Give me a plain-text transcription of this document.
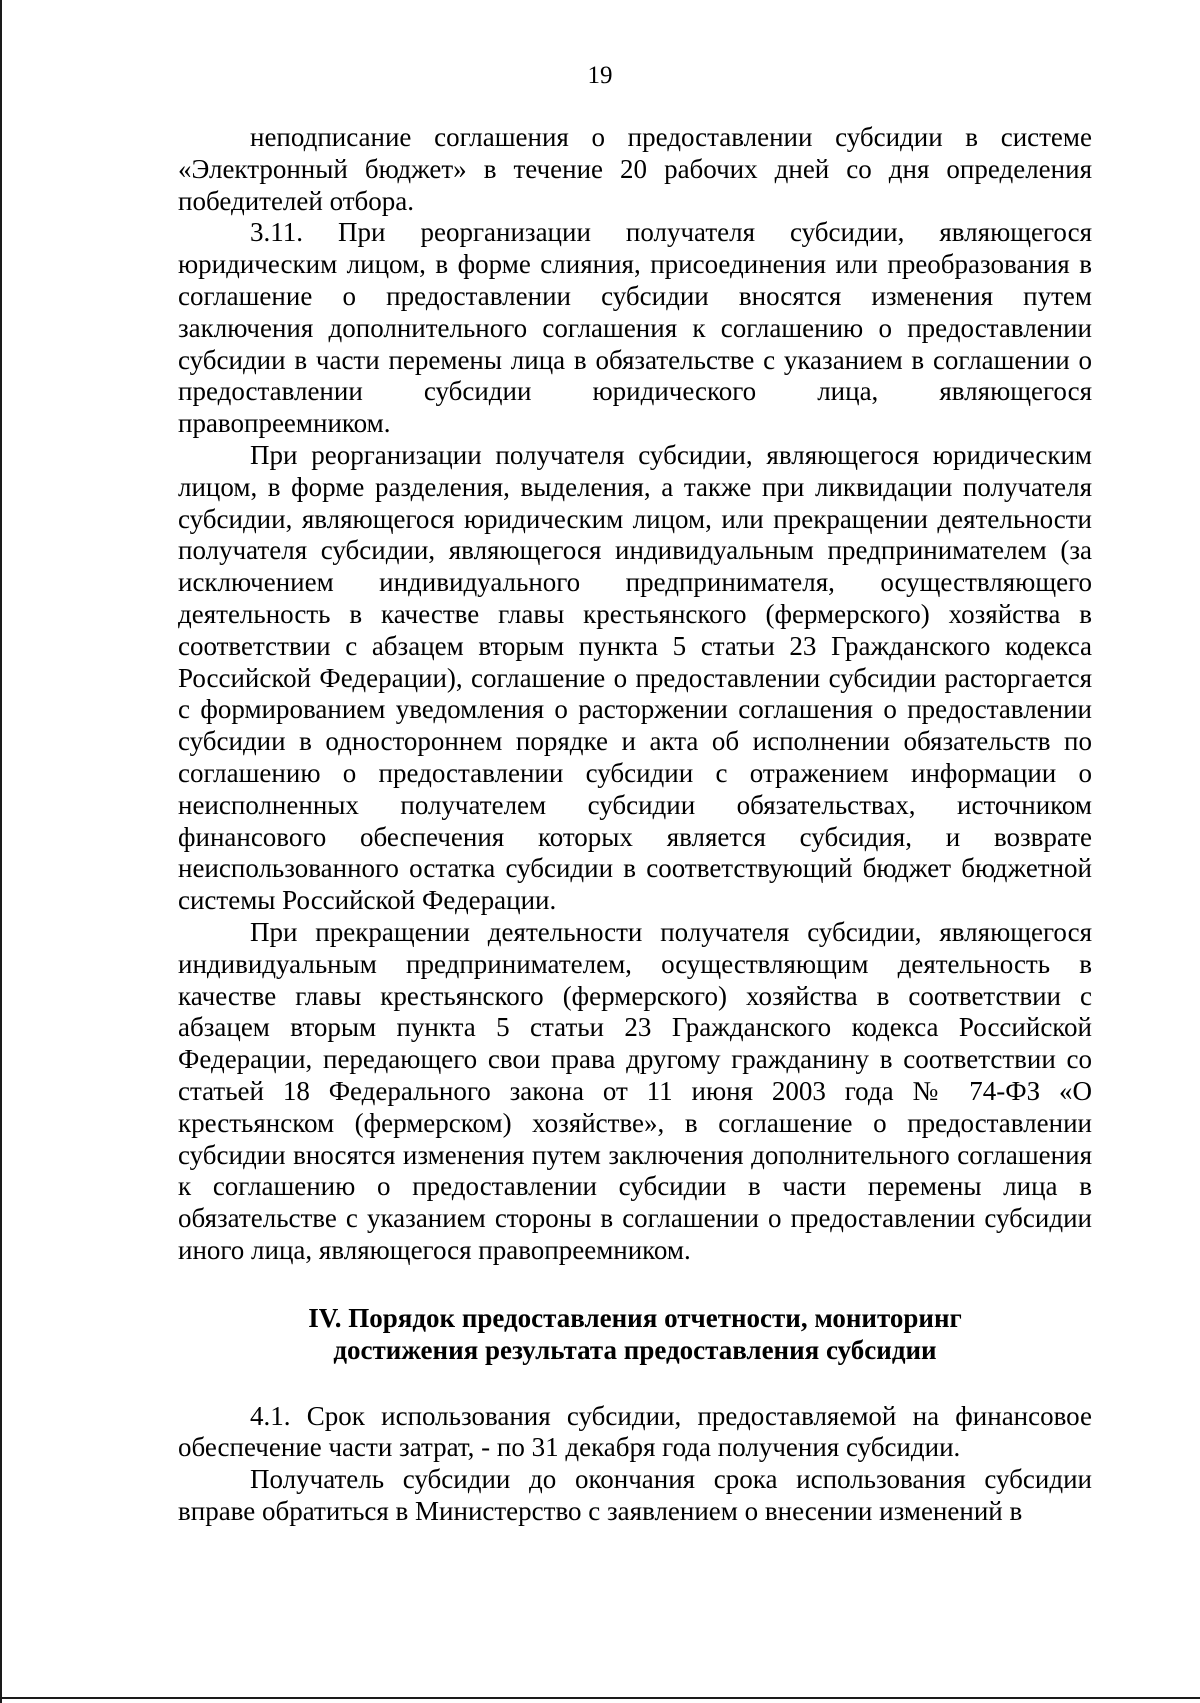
19

неподписание соглашения о предоставлении субсидии в системе «Электронный бюджет» в течение 20 рабочих дней со дня определения победителей отбора.

3.11. При реорганизации получателя субсидии, являющегося юридическим лицом, в форме слияния, присоединения или преобразования в соглашение о предоставлении субсидии вносятся изменения путем заключения дополнительного соглашения к соглашению о предоставлении субсидии в части перемены лица в обязательстве с указанием в соглашении о предоставлении субсидии юридического лица, являющегося правопреемником.

При реорганизации получателя субсидии, являющегося юридическим лицом, в форме разделения, выделения, а также при ликвидации получателя субсидии, являющегося юридическим лицом, или прекращении деятельности получателя субсидии, являющегося индивидуальным предпринимателем (за исключением индивидуального предпринимателя, осуществляющего деятельность в качестве главы крестьянского (фермерского) хозяйства в соответствии с абзацем вторым пункта 5 статьи 23 Гражданского кодекса Российской Федерации), соглашение о предоставлении субсидии расторгается с формированием уведомления о расторжении соглашения о предоставлении субсидии в одностороннем порядке и акта об исполнении обязательств по соглашению о предоставлении субсидии с отражением информации о неисполненных получателем субсидии обязательствах, источником финансового обеспечения которых является субсидия, и возврате неиспользованного остатка субсидии в соответствующий бюджет бюджетной системы Российской Федерации.

При прекращении деятельности получателя субсидии, являющегося индивидуальным предпринимателем, осуществляющим деятельность в качестве главы крестьянского (фермерского) хозяйства в соответствии с абзацем вторым пункта 5 статьи 23 Гражданского кодекса Российской Федерации, передающего свои права другому гражданину в соответствии со статьей 18 Федерального закона от 11 июня 2003 года № 74-ФЗ «О крестьянском (фермерском) хозяйстве», в соглашение о предоставлении субсидии вносятся изменения путем заключения дополнительного соглашения к соглашению о предоставлении субсидии в части перемены лица в обязательстве с указанием стороны в соглашении о предоставлении субсидии иного лица, являющегося правопреемником.

IV. Порядок предоставления отчетности, мониторинг
достижения результата предоставления субсидии

4.1. Срок использования субсидии, предоставляемой на финансовое обеспечение части затрат, - по 31 декабря года получения субсидии.

Получатель субсидии до окончания срока использования субсидии вправе обратиться в Министерство с заявлением о внесении изменений в
